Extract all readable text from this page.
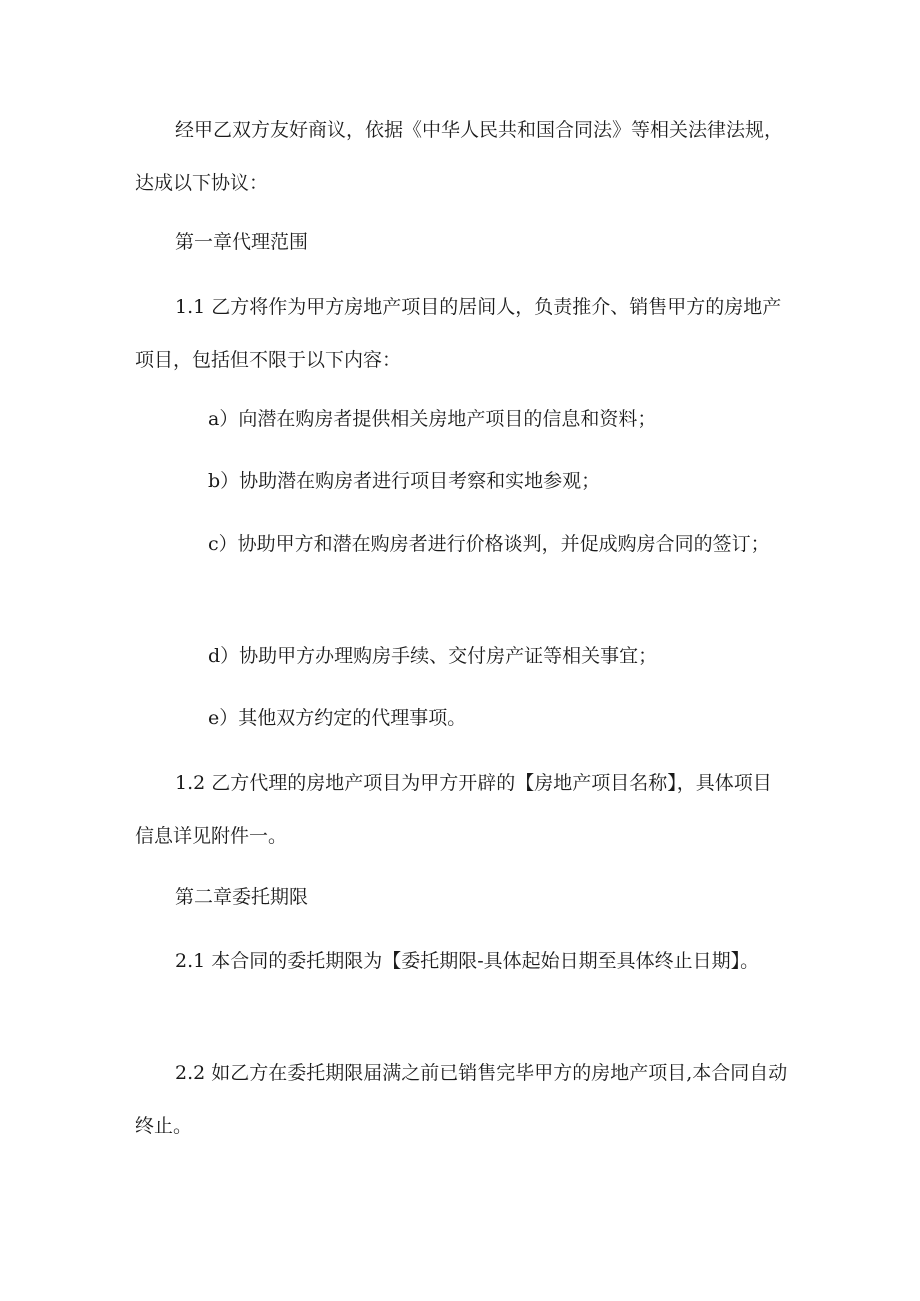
经甲乙双方友好商议，依据《中华人民共和国合同法》等相关法律法规，达成以下协议：
第一章代理范围
1.1 乙方将作为甲方房地产项目的居间人，负责推介、销售甲方的房地产项目，包括但不限于以下内容：
a）向潜在购房者提供相关房地产项目的信息和资料；
b）协助潜在购房者进行项目考察和实地参观；
c）协助甲方和潜在购房者进行价格谈判，并促成购房合同的签订；
d）协助甲方办理购房手续、交付房产证等相关事宜；
e）其他双方约定的代理事项。
1.2 乙方代理的房地产项目为甲方开辟的【房地产项目名称】，具体项目信息详见附件一。
第二章委托期限
2.1 本合同的委托期限为【委托期限-具体起始日期至具体终止日期】。
2.2 如乙方在委托期限届满之前已销售完毕甲方的房地产项目,本合同自动终止。
